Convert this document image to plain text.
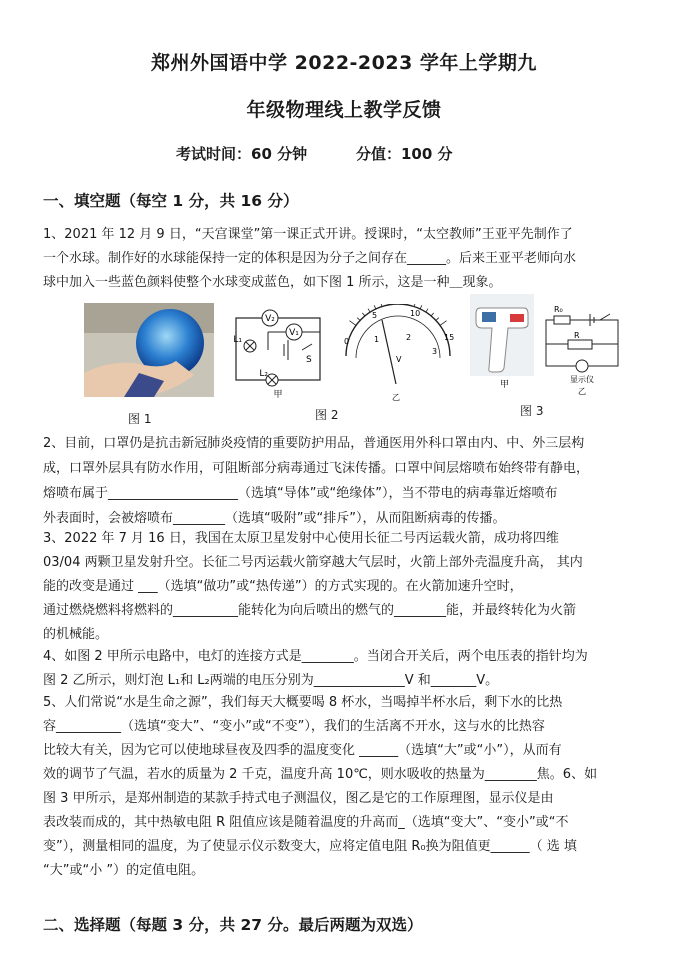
郑州外国语中学 2022-2023 学年上学期九
年级物理线上教学反馈
考试时间：60 分钟	分值：100 分
一、填空题（每空 1 分，共 16 分）
1、2021 年 12 月 9 日，“天宫课堂”第一课正式开讲。授课时，“太空教师”王亚平先制作了
一个水球。制作好的水球能保持一定的体积是因为分子之间存在______。后来王亚平老师向水
球中加入一些蓝色颜料使整个水球变成蓝色，如下图 1 所示，这是一种＿现象。
图 1
V₂
V₁
L₁
S
L₂
甲
0
5	10
15
1	2
3
V
乙
图 2
甲
R₀
R
显示仪
乙
图 3
2、目前，口罩仍是抗击新冠肺炎疫情的重要防护用品，普通医用外科口罩由内、中、外三层构
成，口罩外层具有防水作用，可阻断部分病毒通过飞沫传播。口罩中间层熔喷布始终带有静电，
熔喷布属于____________________（选填“导体”或“绝缘体”），当不带电的病毒靠近熔喷布
外表面时，会被熔喷布________（选填“吸附”或“排斥”），从而阻断病毒的传播。
3、2022 年 7 月 16 日，我国在太原卫星发射中心使用长征二号丙运载火箭，成功将四维
03/04 两颗卫星发射升空。长征二号丙运载火箭穿越大气层时，火箭上部外壳温度升高， 其内
能的改变是通过 ___（选填“做功”或“热传递”）的方式实现的。在火箭加速升空时，
通过燃烧燃料将燃料的__________能转化为向后喷出的燃气的________能，并最终转化为火箭
的机械能。
4、如图 2 甲所示电路中，电灯的连接方式是________。当闭合开关后，两个电压表的指针均为
图 2 乙所示，则灯泡 L₁和 L₂两端的电压分别为______________V 和_______V。
5、人们常说“水是生命之源”，我们每天大概要喝 8 杯水，当喝掉半杯水后，剩下水的比热
容__________（选填“变大”、“变小”或“不变”），我们的生活离不开水，这与水的比热容
比较大有关，因为它可以使地球昼夜及四季的温度变化 ______（选填“大”或“小”），从而有
效的调节了气温，若水的质量为 2 千克，温度升高 10℃，则水吸收的热量为________焦。6、如
图 3 甲所示，是郑州制造的某款手持式电子测温仪，图乙是它的工作原理图，显示仪是由
表改装而成的，其中热敏电阻 R 阻值应该是随着温度的升高而_（选填“变大”、“变小”或“不
变”），测量相同的温度，为了使显示仪示数变大，应将定值电阻 R₀换为阻值更______（ 选 填
“大”或“小 ”）的定值电阻。
二、选择题（每题 3 分，共 27 分。最后两题为双选）
